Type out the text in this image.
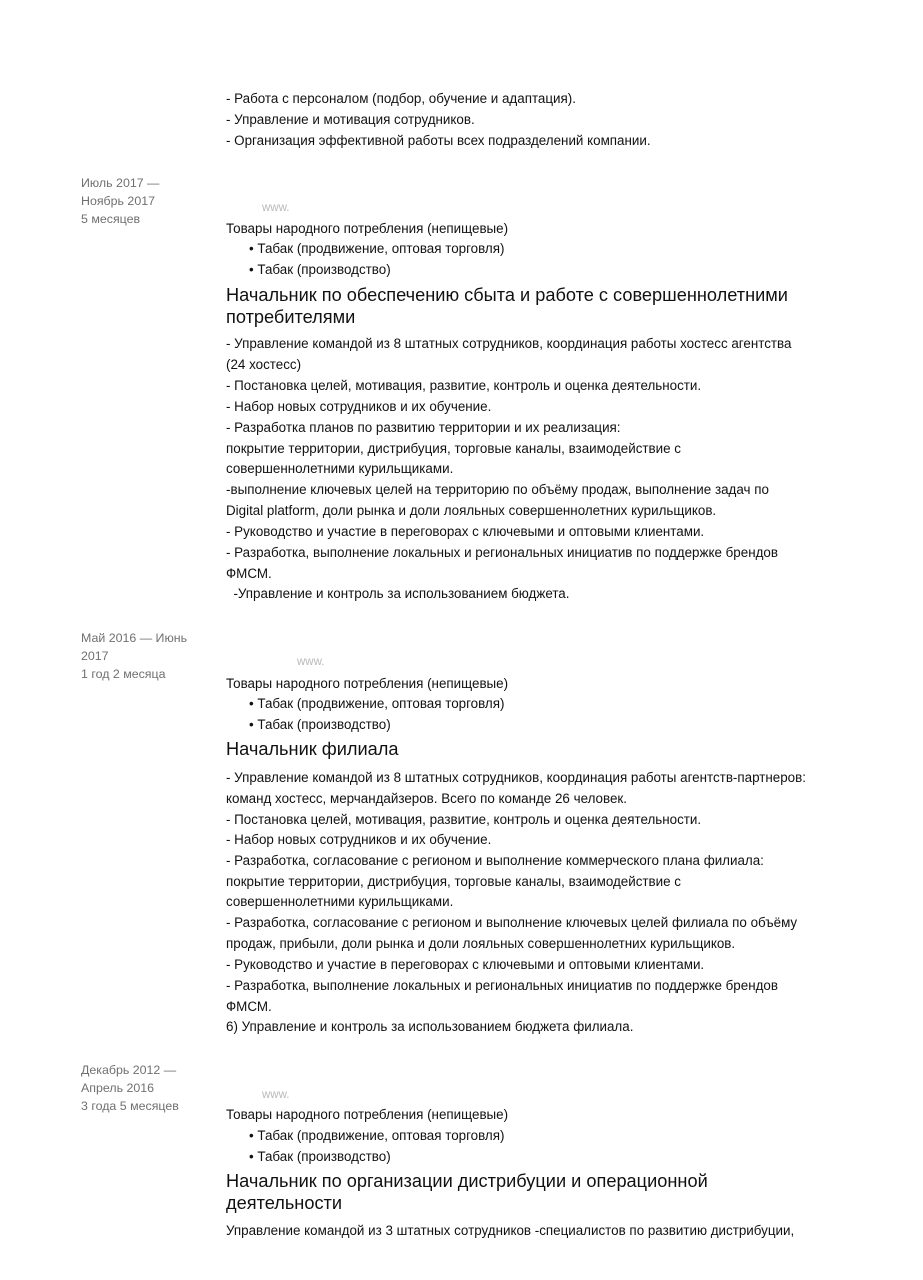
- Работа с персоналом (подбор, обучение и адаптация).
- Управление и мотивация сотрудников.
- Организация эффективной работы всех подразделений компании.
Июль 2017 —
Ноябрь 2017
5 месяцев
www.
Товары народного потребления (непищевые)
• Табак (продвижение, оптовая торговля)
• Табак (производство)
Начальник по обеспечению сбыта и работе с совершеннолетними
потребителями
- Управление командой из 8 штатных сотрудников, координация работы хостесс агентства
(24 хостесс)
- Постановка целей, мотивация, развитие, контроль и оценка деятельности.
- Набор новых сотрудников и их обучение.
- Разработка планов по развитию территории и их реализация:
покрытие территории, дистрибуция, торговые каналы, взаимодействие с
совершеннолетними курильщиками.
-выполнение ключевых целей на территорию по объёму продаж, выполнение задач по
Digital platform, доли рынка и доли лояльных совершеннолетних курильщиков.
- Руководство и участие в переговорах с ключевыми и оптовыми клиентами.
- Разработка, выполнение локальных и региональных инициатив по поддержке брендов
ФМСМ.
-Управление и контроль за использованием бюджета.
Май 2016 — Июнь
2017
1 год 2 месяца
www.
Товары народного потребления (непищевые)
• Табак (продвижение, оптовая торговля)
• Табак (производство)
Начальник филиала
- Управление командой из 8 штатных сотрудников, координация работы агентств-партнеров:
команд хостесс, мерчандайзеров. Всего по команде 26 человек.
- Постановка целей, мотивация, развитие, контроль и оценка деятельности.
- Набор новых сотрудников и их обучение.
- Разработка, согласование с регионом и выполнение коммерческого плана филиала:
покрытие территории, дистрибуция, торговые каналы, взаимодействие с
совершеннолетними курильщиками.
- Разработка, согласование с регионом и выполнение ключевых целей филиала по объёму
продаж, прибыли, доли рынка и доли лояльных совершеннолетних курильщиков.
- Руководство и участие в переговорах с ключевыми и оптовыми клиентами.
- Разработка, выполнение локальных и региональных инициатив по поддержке брендов
ФМСМ.
6) Управление и контроль за использованием бюджета филиала.
Декабрь 2012 —
Апрель 2016
3 года 5 месяцев
www.
Товары народного потребления (непищевые)
• Табак (продвижение, оптовая торговля)
• Табак (производство)
Начальник по организации дистрибуции и операционной
деятельности
Управление командой из 3 штатных сотрудников -специалистов по развитию дистрибуции,
